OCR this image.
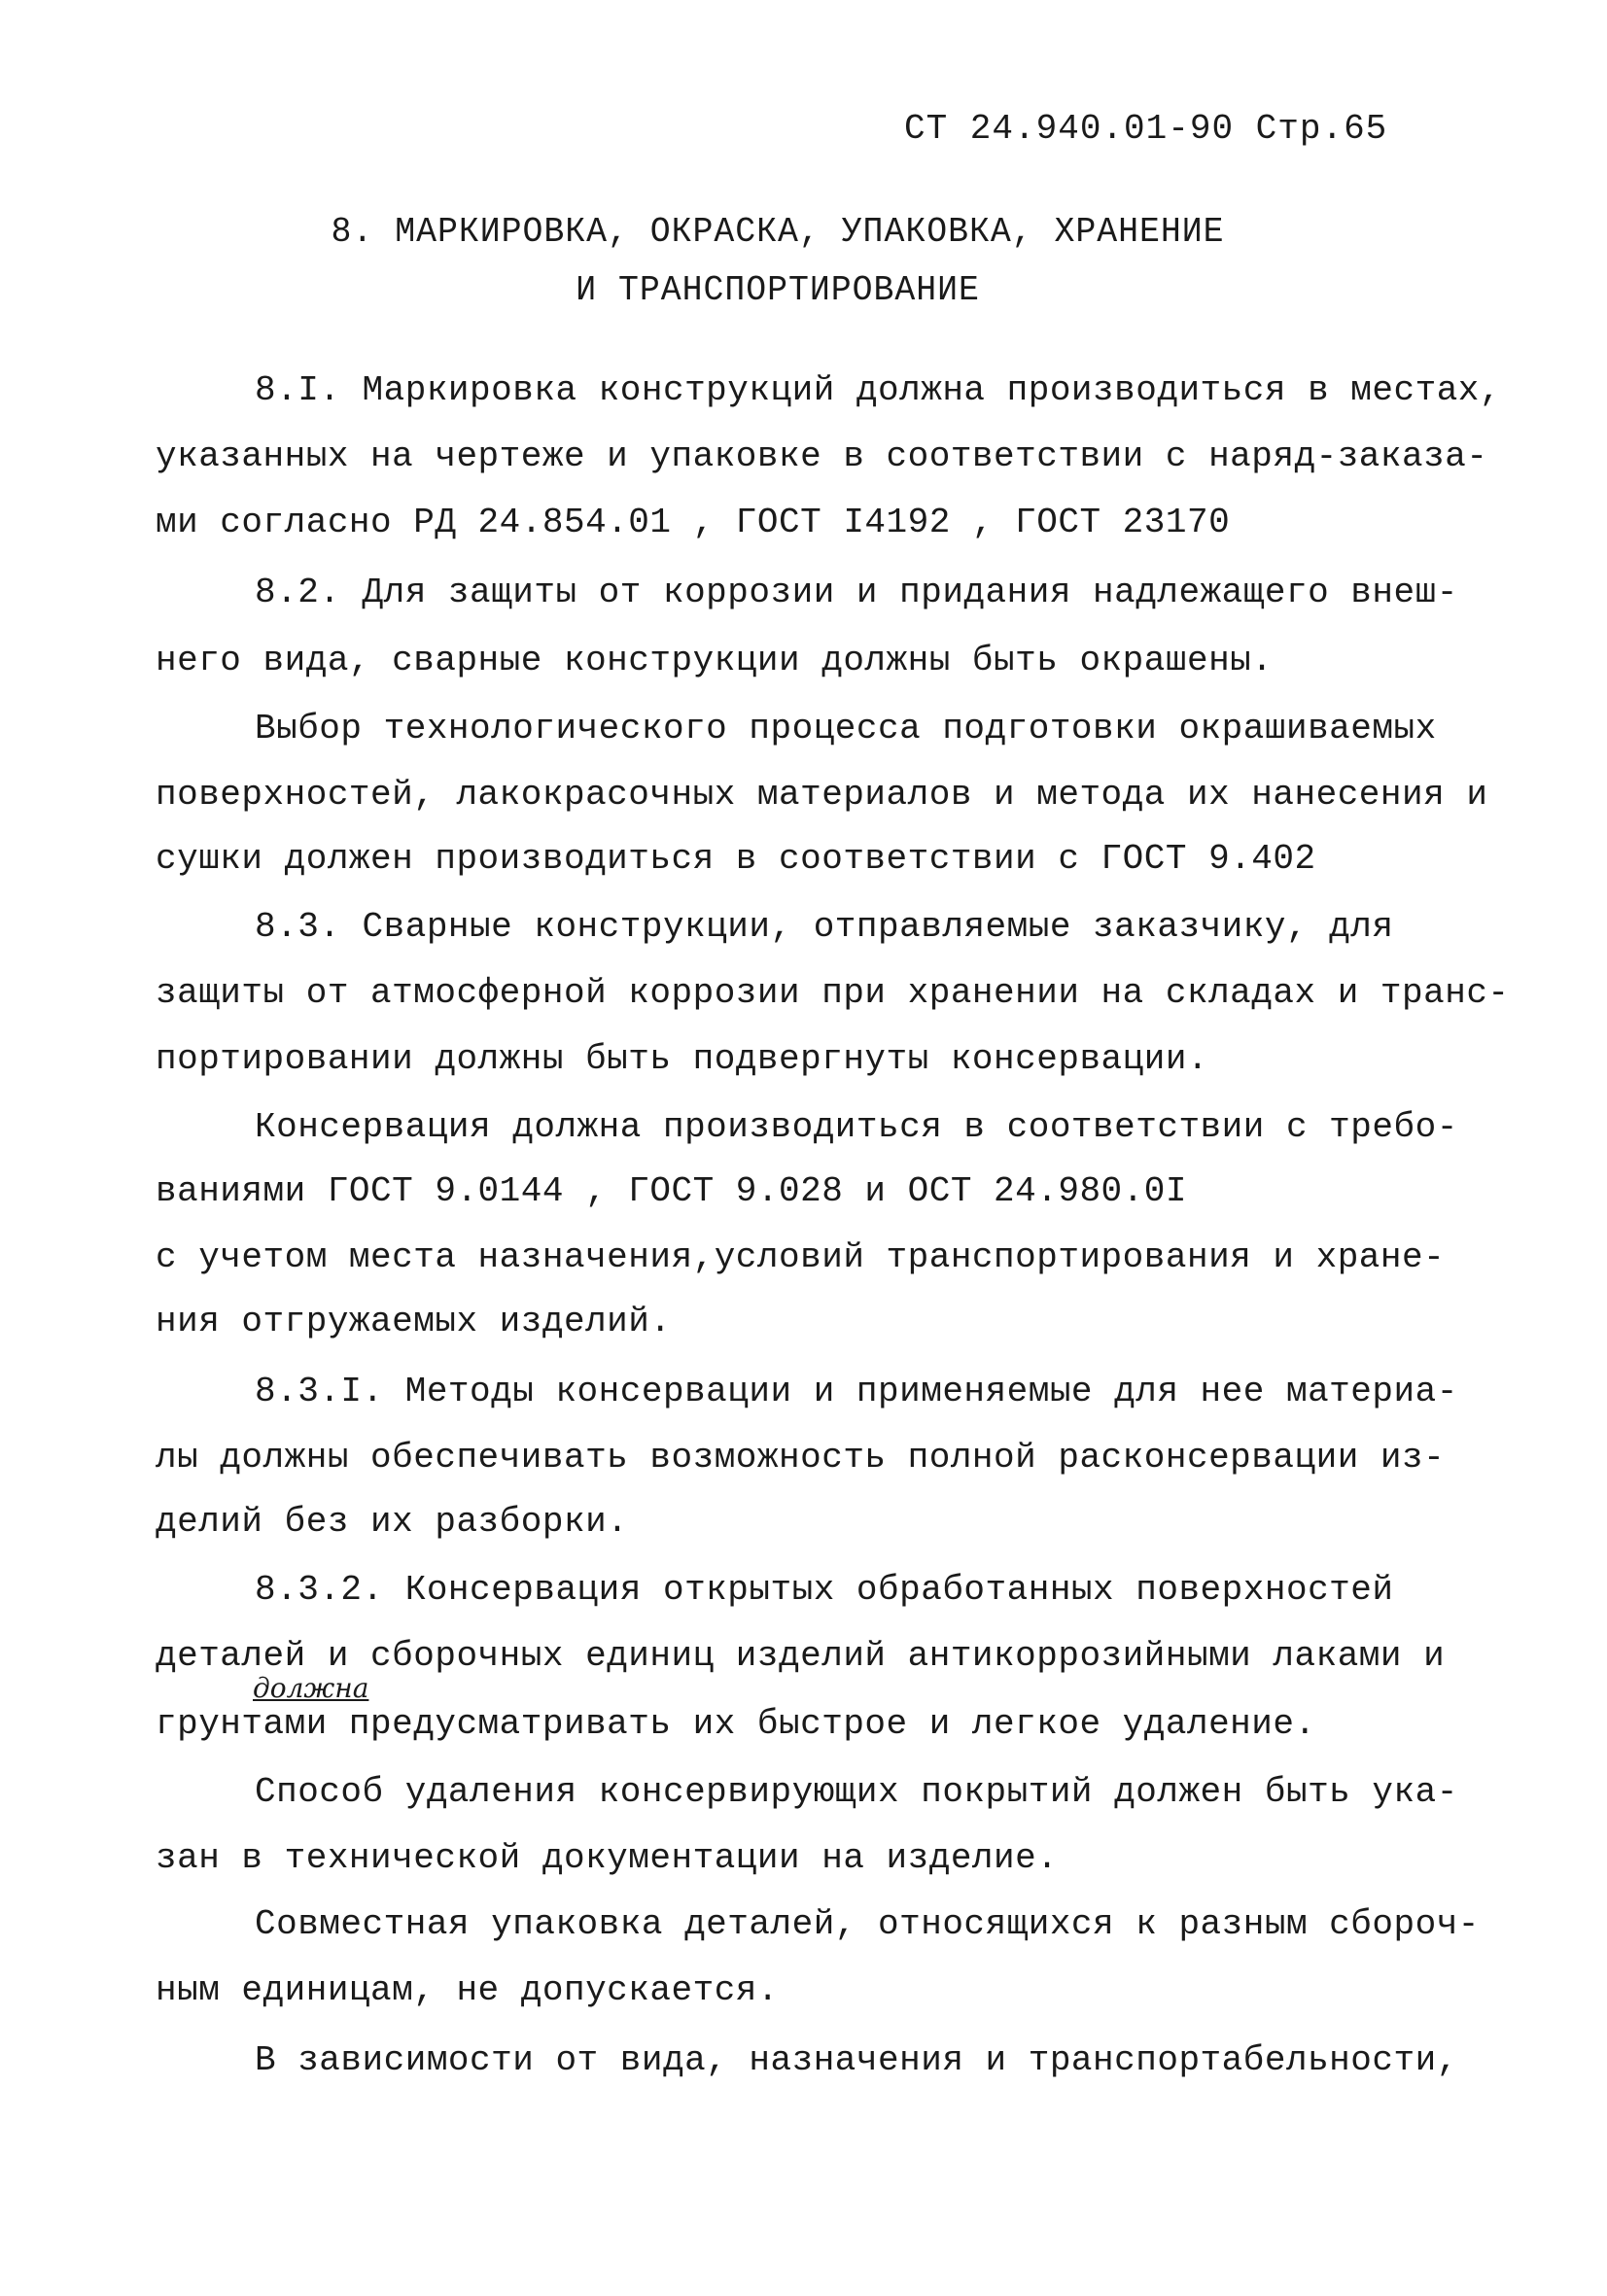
СТ 24.940.01-90 Стр.65
8. МАРКИРОВКА, ОКРАСКА, УПАКОВКА, ХРАНЕНИЕ
И ТРАНСПОРТИРОВАНИЕ
8.I. Маркировка конструкций должна производиться в местах,
указанных на чертеже и упаковке в соответствии с наряд-заказа-
ми согласно РД 24.854.01 , ГОСТ I4192 , ГОСТ 23170
8.2. Для защиты от коррозии и придания надлежащего внеш-
него вида, сварные конструкции должны быть окрашены.
Выбор технологического процесса подготовки окрашиваемых
поверхностей, лакокрасочных материалов и метода их нанесения и
сушки должен производиться в соответствии с ГОСТ 9.402
8.3. Сварные конструкции, отправляемые заказчику, для
защиты от атмосферной коррозии при хранении на складах и транс-
портировании должны быть подвергнуты консервации.
Консервация должна производиться в соответствии с требо-
ваниями ГОСТ 9.0144 , ГОСТ 9.028 и ОСТ 24.980.0I
с учетом места назначения,условий транспортирования и хране-
ния отгружаемых изделий.
8.3.I. Методы консервации и применяемые для нее материа-
лы должны обеспечивать возможность полной расконсервации из-
делий без их разборки.
8.3.2. Консервация открытых обработанных поверхностей
деталей и сборочных единиц изделий антикоррозийными лаками и
должна
грунтами предусматривать их быстрое и легкое удаление.
Способ удаления консервирующих покрытий должен быть ука-
зан в технической документации на изделие.
Совместная упаковка деталей, относящихся к разным сбороч-
ным единицам, не допускается.
В зависимости от вида, назначения и транспортабельности,
